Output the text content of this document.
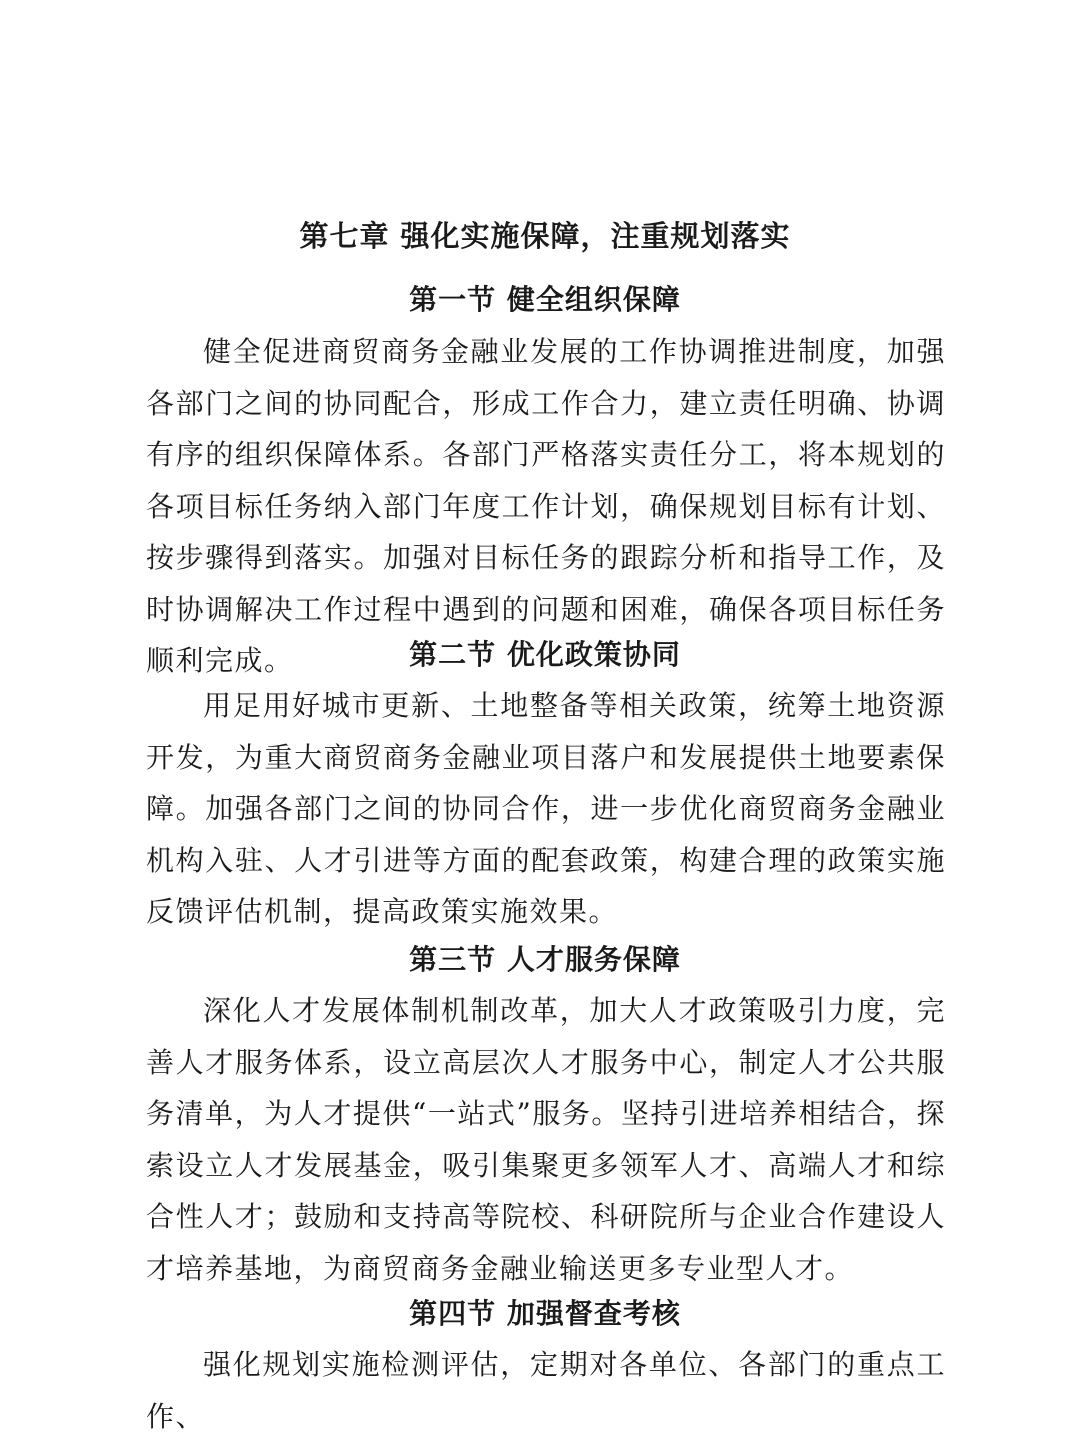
第七章 强化实施保障，注重规划落实
第一节 健全组织保障

健全促进商贸商务金融业发展的工作协调推进制度，加强各部门之间的协同配合，形成工作合力，建立责任明确、协调有序的组织保障体系。各部门严格落实责任分工，将本规划的各项目标任务纳入部门年度工作计划，确保规划目标有计划、按步骤得到落实。加强对目标任务的跟踪分析和指导工作，及时协调解决工作过程中遇到的问题和困难，确保各项目标任务顺利完成。	第二节 优化政策协同

用足用好城市更新、土地整备等相关政策，统筹土地资源开发，为重大商贸商务金融业项目落户和发展提供土地要素保障。加强各部门之间的协同合作，进一步优化商贸商务金融业机构入驻、人才引进等方面的配套政策，构建合理的政策实施反馈评估机制，提高政策实施效果。

第三节 人才服务保障

深化人才发展体制机制改革，加大人才政策吸引力度，完善人才服务体系，设立高层次人才服务中心，制定人才公共服务清单，为人才提供“一站式”服务。坚持引进培养相结合，探索设立人才发展基金，吸引集聚更多领军人才、高端人才和综合性人才；鼓励和支持高等院校、科研院所与企业合作建设人才培养基地，为商贸商务金融业输送更多专业型人才。

第四节 加强督查考核

强化规划实施检测评估，定期对各单位、各部门的重点工作、
